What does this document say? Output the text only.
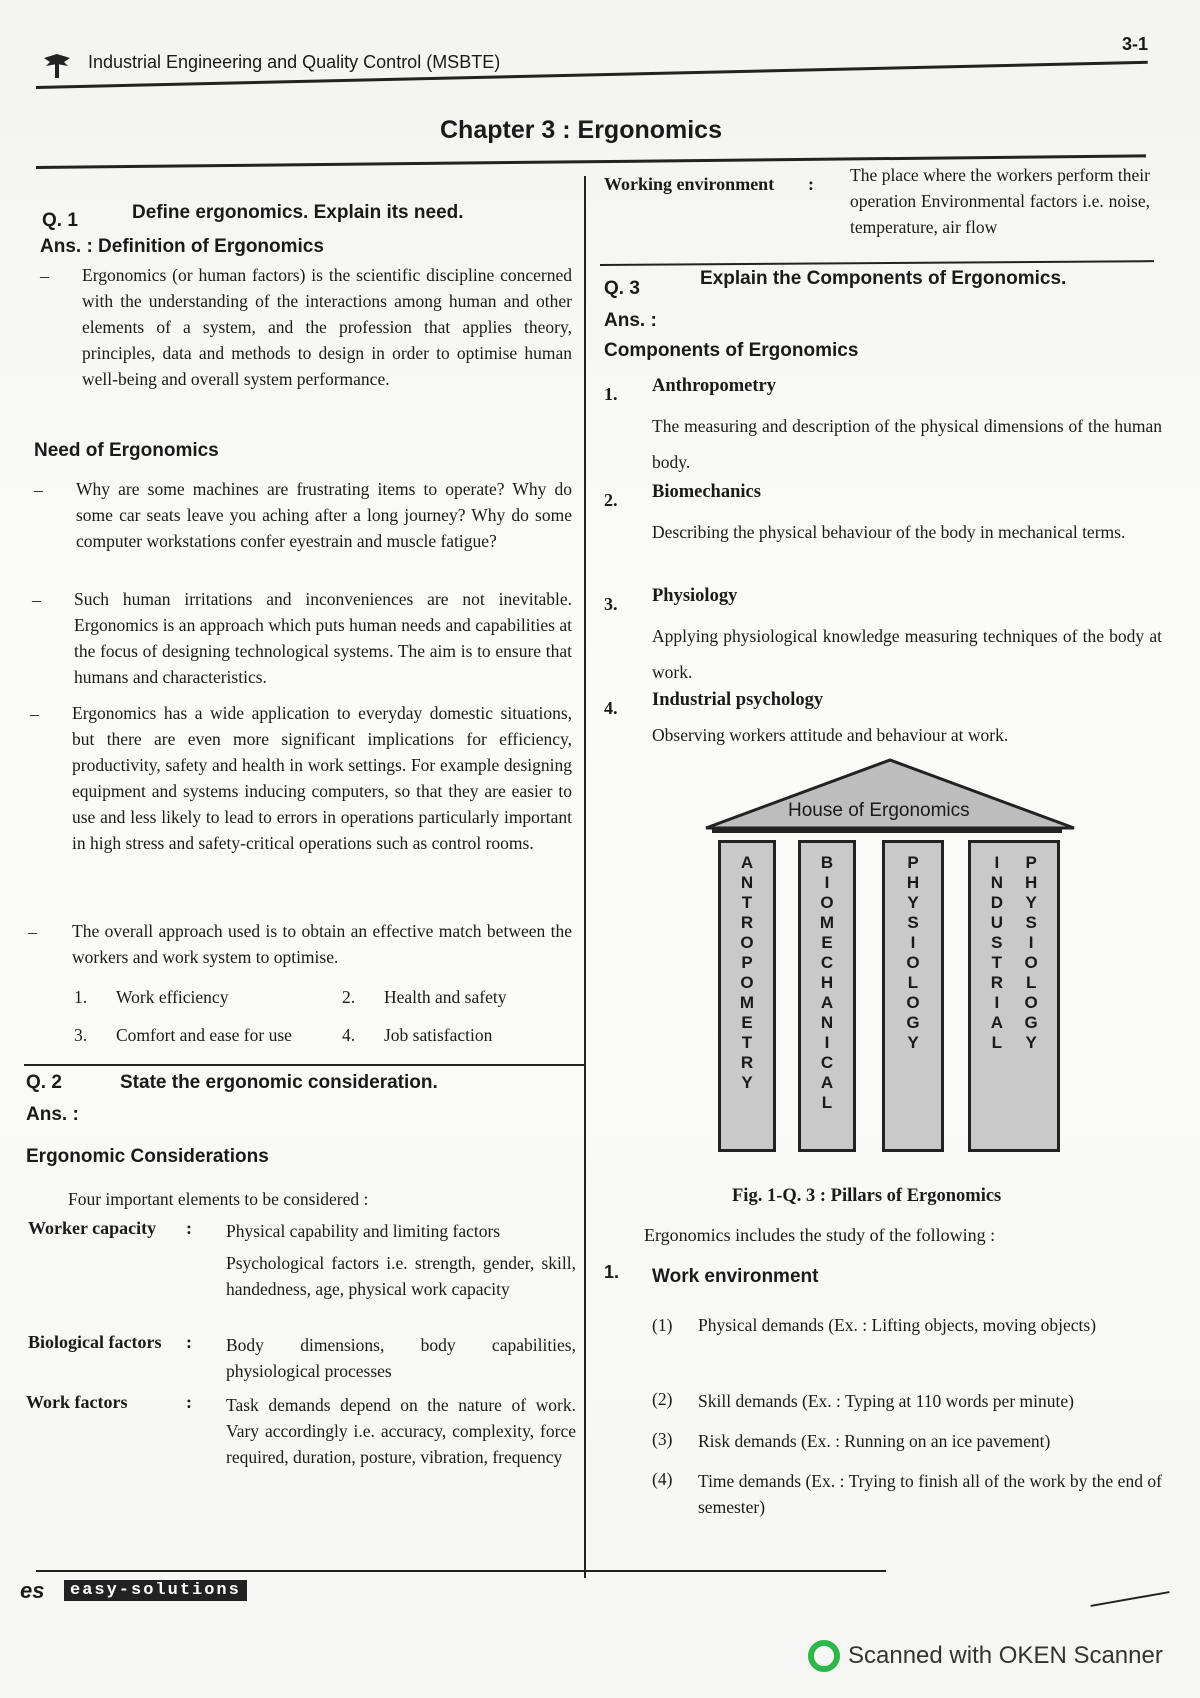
Industrial Engineering and Quality Control (MSBTE)
3-1
Chapter 3 : Ergonomics
Q. 1	Define ergonomics. Explain its need.
Ans. : Definition of Ergonomics
– Ergonomics (or human factors) is the scientific discipline concerned with the understanding of the interactions among human and other elements of a system, and the profession that applies theory, principles, data and methods to design in order to optimise human well-being and overall system performance.
Need of Ergonomics
– Why are some machines are frustrating items to operate? Why do some car seats leave you aching after a long journey? Why do some computer workstations confer eyestrain and muscle fatigue?
– Such human irritations and inconveniences are not inevitable. Ergonomics is an approach which puts human needs and capabilities at the focus of designing technological systems. The aim is to ensure that humans and characteristics.
– Ergonomics has a wide application to everyday domestic situations, but there are even more significant implications for efficiency, productivity, safety and health in work settings. For example designing equipment and systems inducing computers, so that they are easier to use and less likely to lead to errors in operations particularly important in high stress and safety-critical operations such as control rooms.
– The overall approach used is to obtain an effective match between the workers and work system to optimise.
1. Work efficiency	2. Health and safety
3. Comfort and ease for use	4. Job satisfaction
Q. 2	State the ergonomic consideration.
Ans. :
Ergonomic Considerations
Four important elements to be considered :
Worker capacity : Physical capability and limiting factors
Psychological factors i.e. strength, gender, skill, handedness, age, physical work capacity
Biological factors : Body dimensions, body capabilities, physiological processes
Work factors	: Task demands depend on the nature of work. Vary accordingly i.e. accuracy, complexity, force required, duration, posture, vibration, frequency
Working environment : The place where the workers perform their operation Environmental factors i.e. noise, temperature, air flow
Q. 3	Explain the Components of Ergonomics.
Ans. :
Components of Ergonomics
1. Anthropometry
The measuring and description of the physical dimensions of the human body.
2. Biomechanics
Describing the physical behaviour of the body in mechanical terms.
3. Physiology
Applying physiological knowledge measuring techniques of the body at work.
4. Industrial psychology
Observing workers attitude and behaviour at work.
House of Ergonomics
ANTROPOMETRY	BIOMECHANICAL	PHYSIOLOGY	INDUSTRIAL PHYSIOLOGY
Fig. 1-Q. 3 : Pillars of Ergonomics
Ergonomics includes the study of the following :
1. Work environment
(1) Physical demands (Ex. : Lifting objects, moving objects)
(2) Skill demands (Ex. : Typing at 110 words per minute)
(3) Risk demands (Ex. : Running on an ice pavement)
(4) Time demands (Ex. : Trying to finish all of the work by the end of semester)
es	easy-solutions
Scanned with OKEN Scanner
